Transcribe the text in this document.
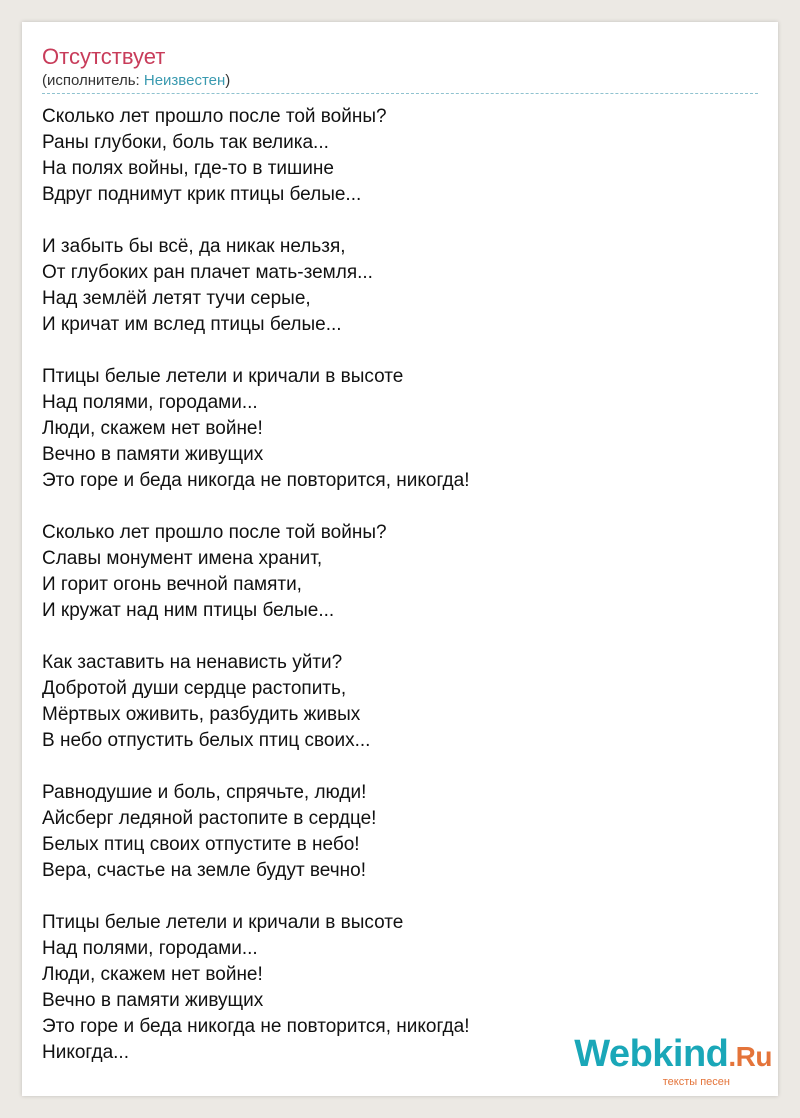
Отсутствует
(исполнитель: Неизвестен)
Сколько лет прошло после той войны?
Раны глубоки, боль так велика...
На полях войны, где-то в тишине
Вдруг поднимут крик птицы белые...
И забыть бы всё, да никак нельзя,
От глубоких ран плачет мать-земля...
Над землёй летят тучи серые,
И кричат им вслед птицы белые...
Птицы белые летели и кричали в высоте
Над полями, городами...
Люди, скажем нет войне!
Вечно в памяти живущих
Это горе и беда никогда не повторится, никогда!
Сколько лет прошло после той войны?
Славы монумент имена хранит,
И горит огонь вечной памяти,
И кружат над ним птицы белые...
Как заставить на ненависть уйти?
Добротой души сердце растопить,
Мёртвых оживить, разбудить живых
В небо отпустить белых птиц своих...
Равнодушие и боль, спрячьте, люди!
Айсберг ледяной растопите в сердце!
Белых птиц своих отпустите в небо!
Вера, счастье на земле будут вечно!
Птицы белые летели и кричали в высоте
Над полями, городами...
Люди, скажем нет войне!
Вечно в памяти живущих
Это горе и беда никогда не повторится, никогда!
Никогда...	Webkind.Ru
тексты песен
